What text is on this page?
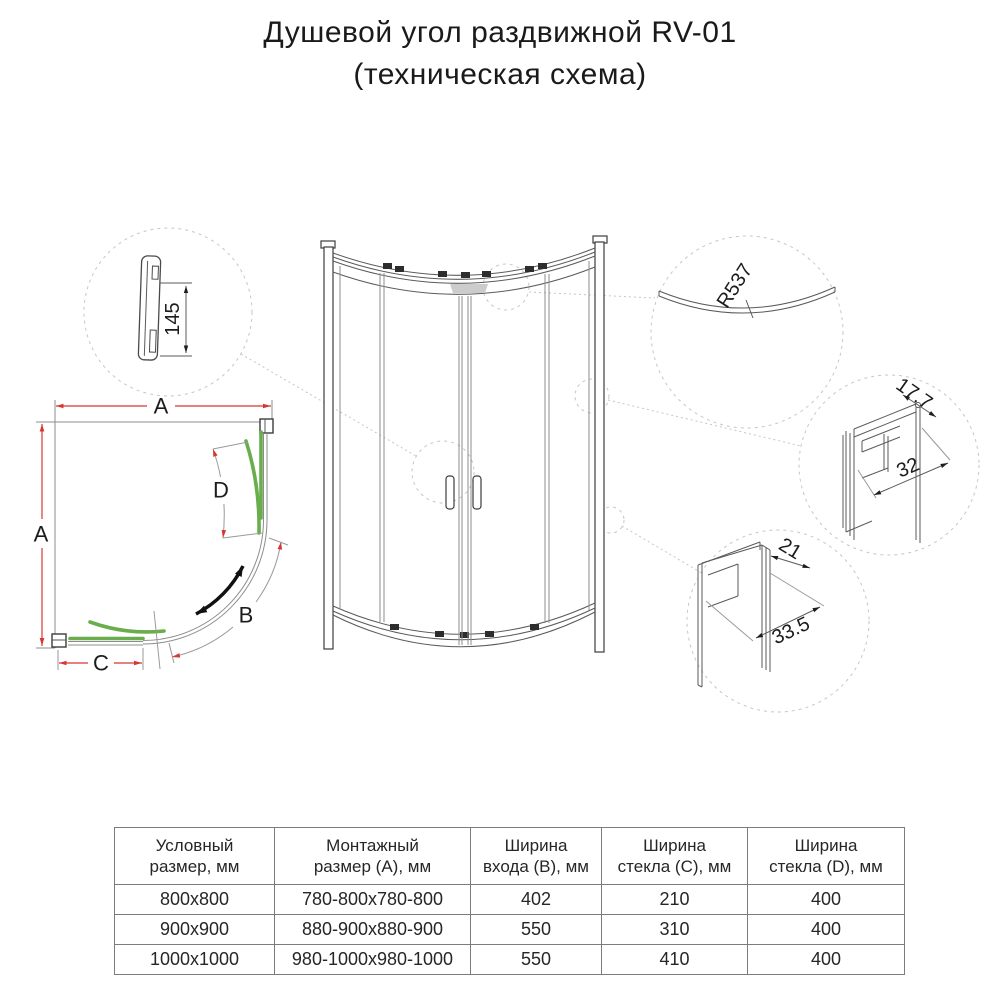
Душевой угол раздвижной RV-01
(техническая схема)
A
A
C
D
B
145
R537
17.7
32
21
33.5
Условный
размер, мм

Монтажный
размер (А), мм

Ширина
входа (B), мм

Ширина
стекла (C), мм

Ширина
стекла (D), мм

800x800	780-800x780-800	402	210	400
900x900	880-900x880-900	550	310	400
1000x1000	980-1000x980-1000	550	410	400
